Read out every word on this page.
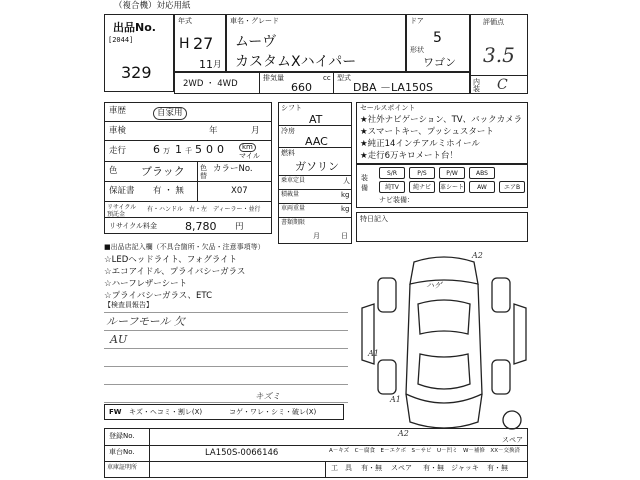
（複合機）対応用紙
出品No.
[2044]
329
年式
H 27
11 月
車名・グレード
ムーヴ
カスタムXハイパー
ドア
5
形状
ワゴン
評価点
3.5
内装 C
2WD ・ 4WD
排気量	cc
660
型式
DBA －LA150S
車歴	自家用
車検	年	月
走行 6 万 1 千 500	km
マイル
色 ブラック 色替
カラーNo.
保証書 有 ・ 無	X07
リサイクル預託金
有・ハンドル　右・左　ディーラー・並行
リサイクル料金	8,780 円
シフト
AT
冷房
AAC
燃料
ガソリン
乗車定員	人
積載量	kg
車両重量	kg
書類期限
月	日
セールスポイント
★社外ナビゲーション、TV、バックカメラ
★スマートキー、プッシュスタート
★純正14インチアルミホイール
★走行6万キロメート台！
装備
S/R	P/S	P/W	ABS
純TV	純ナビ	革シート	AW	エアB
ナビ装備：
特日記入
■出品店記入欄（不具合箇所・欠品・注意事項等）
☆LEDヘッドライト、フォグライト
☆エコアイドル、プライバシーガラス
☆ハーフレザーシート
☆プライバシーガラス、ETC
【検査員報告】
ルーフモール 欠
AU
FW キズ・ヘコミ・割レ(X)	コゲ・ワレ・シミ・破レ(X)
キズミ
A2
ハゲ
A1
A1
A2
スペア
登録No.
車台No.	LA150S-0066146
車庫証明所
A－キズ　C－腐食　E－エクボ　S－サビ　U－凹ミ　W－補修　XX－交換済
工　具 有・無 スペア 有・無 ジャッキ 有・無
